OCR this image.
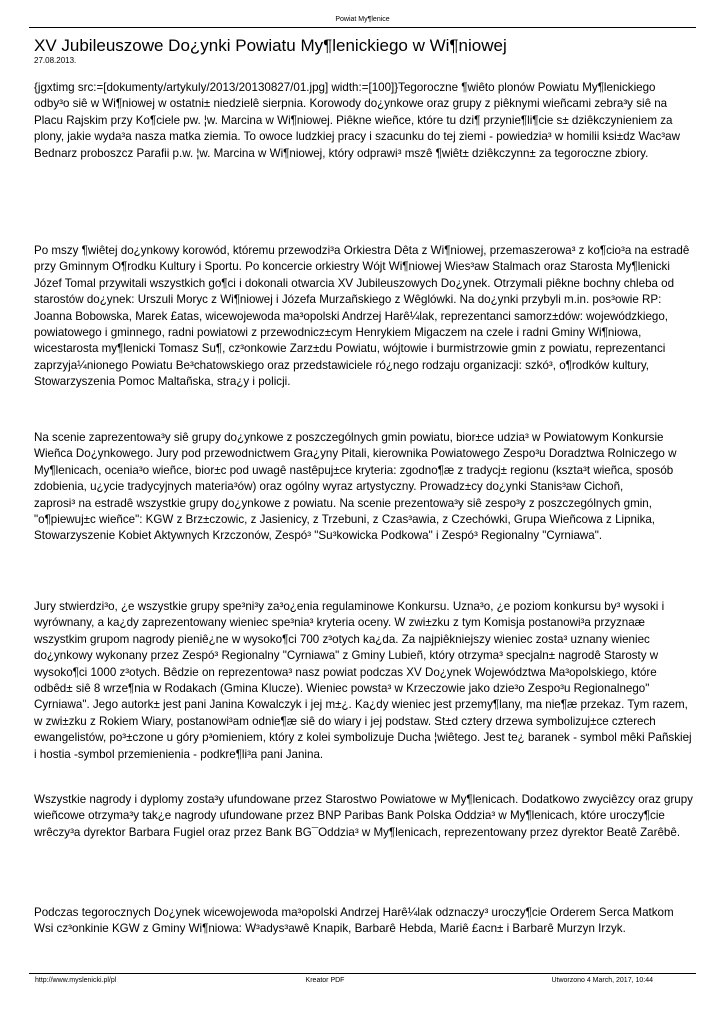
Powiat My¶lenice
XV Jubileuszowe Do¿ynki Powiatu My¶lenickiego w Wi¶niowej
27.08.2013.

{jgxtimg src:=[dokumenty/artykuly/2013/20130827/01.jpg] width:=[100]}Tegoroczne ¶wiêto plonów Powiatu My¶lenickiego odby³o siê w Wi¶niowej w ostatni± niedzielê sierpnia. Korowody do¿ynkowe oraz grupy z piêknymi wieñcami zebra³y siê na Placu Rajskim przy Ko¶ciele pw. ¦w. Marcina w Wi¶niowej. Piêkne wieñce, które tu dzi¶ przynie¶li¶cie s± dziêkczynieniem za plony, jakie wyda³a nasza matka ziemia. To owoce ludzkiej pracy i szacunku do tej ziemi - powiedzia³ w homilii ksi±dz Wac³aw Bednarz proboszcz Parafii p.w. ¦w. Marcina w Wi¶niowej, który odprawi³ mszê ¶wiêt± dziêkczynn± za tegoroczne zbiory.

Po mszy ¶wiêtej do¿ynkowy korowód, któremu przewodzi³a Orkiestra Dêta z Wi¶niowej, przemaszerowa³ z ko¶cio³a na estradê przy Gminnym O¶rodku Kultury i Sportu. Po koncercie orkiestry Wójt Wi¶niowej Wies³aw Stalmach oraz Starosta My¶lenicki Józef Tomal przywitali wszystkich go¶ci i dokonali otwarcia XV Jubileuszowych Do¿ynek. Otrzymali piêkne bochny chleba od starostów do¿ynek: Urszuli Moryc z Wi¶niowej i Józefa Murzañskiego z Wêglówki. Na do¿ynki przybyli m.in. pos³owie RP: Joanna Bobowska, Marek £atas, wicewojewoda ma³opolski Andrzej Harê¼lak, reprezentanci samorz±dów: wojewódzkiego, powiatowego i gminnego, radni powiatowi z przewodnicz±cym Henrykiem Migaczem na czele i radni Gminy Wi¶niowa, wicestarosta my¶lenicki Tomasz Su¶, cz³onkowie Zarz±du Powiatu, wójtowie i burmistrzowie gmin z powiatu, reprezentanci zaprzyja¼nionego Powiatu Be³chatowskiego oraz przedstawiciele ró¿nego rodzaju organizacji: szkó³, o¶rodków kultury, Stowarzyszenia Pomoc Maltañska, stra¿y i policji.

Na scenie zaprezentowa³y siê grupy do¿ynkowe z poszczególnych gmin powiatu, bior±ce udzia³ w Powiatowym Konkursie Wieñca Do¿ynkowego. Jury pod przewodnictwem Gra¿yny Pitali, kierownika Powiatowego Zespo³u Doradztwa Rolniczego w My¶lenicach, ocenia³o wieñce, bior±c pod uwagê nastêpuj±ce kryteria: zgodno¶æ z tradycj± regionu (kszta³t wieñca, sposób zdobienia, u¿ycie tradycyjnych materia³ów) oraz ogólny wyraz artystyczny. Prowadz±cy do¿ynki Stanis³aw Cichoñ,
zaprosi³ na estradê wszystkie grupy do¿ynkowe z powiatu. Na scenie prezentowa³y siê zespo³y z poszczególnych gmin, "o¶piewuj±c wieñce": KGW z Brz±czowic, z Jasienicy, z Trzebuni, z Czas³awia, z Czechówki, Grupa Wieñcowa z Lipnika, Stowarzyszenie Kobiet Aktywnych Krzczonów, Zespó³ "Su³kowicka Podkowa" i Zespó³ Regionalny "Cyrniawa".

Jury stwierdzi³o, ¿e wszystkie grupy spe³ni³y za³o¿enia regulaminowe Konkursu. Uzna³o, ¿e poziom konkursu by³ wysoki i wyrównany, a ka¿dy zaprezentowany wieniec spe³nia³ kryteria oceny. W zwi±zku z tym Komisja postanowi³a przyznaæ wszystkim grupom nagrody pieniê¿ne w wysoko¶ci 700 z³otych ka¿da. Za najpiêkniejszy wieniec zosta³ uznany wieniec do¿ynkowy wykonany przez Zespó³ Regionalny "Cyrniawa" z Gminy Lubieñ, który otrzyma³ specjaln± nagrodê Starosty w wysoko¶ci 1000 z³otych. Bêdzie on reprezentowa³ nasz powiat podczas XV Do¿ynek Województwa Ma³opolskiego, które odbêd± siê 8 wrze¶nia w Rodakach (Gmina Klucze). Wieniec powsta³ w Krzeczowie jako dzie³o Zespo³u Regionalnego" Cyrniawa". Jego autork± jest pani Janina Kowalczyk i jej m±¿. Ka¿dy wieniec jest przemy¶lany, ma nie¶æ przekaz. Tym razem, w zwi±zku z Rokiem Wiary, postanowi³am odnie¶æ siê do wiary i jej podstaw. St±d cztery drzewa symbolizuj±ce czterech ewangelistów, po³±czone u góry p³omieniem, który z kolei symbolizuje Ducha ¦wiêtego. Jest te¿ baranek - symbol mêki Pañskiej i hostia -symbol przemienienia - podkre¶li³a pani Janina.

Wszystkie nagrody i dyplomy zosta³y ufundowane przez Starostwo Powiatowe w My¶lenicach. Dodatkowo zwyciêzcy oraz grupy wieñcowe otrzyma³y tak¿e nagrody ufundowane przez BNP Paribas Bank Polska Oddzia³ w My¶lenicach, które uroczy¶cie wrêczy³a dyrektor Barbara Fugiel oraz przez Bank BG¯Oddzia³ w My¶lenicach, reprezentowany przez dyrektor Beatê Zarêbê.

Podczas tegorocznych Do¿ynek wicewojewoda ma³opolski Andrzej Harê¼lak odznaczy³ uroczy¶cie Orderem Serca Matkom Wsi cz³onkinie KGW z Gminy Wi¶niowa: W³adys³awê Knapik, Barbarê Hebda, Mariê £acn± i Barbarê Murzyn Irzyk.

http://www.myslenicki.pl/pl	Kreator PDF	Utworzono 4 March, 2017, 10:44
